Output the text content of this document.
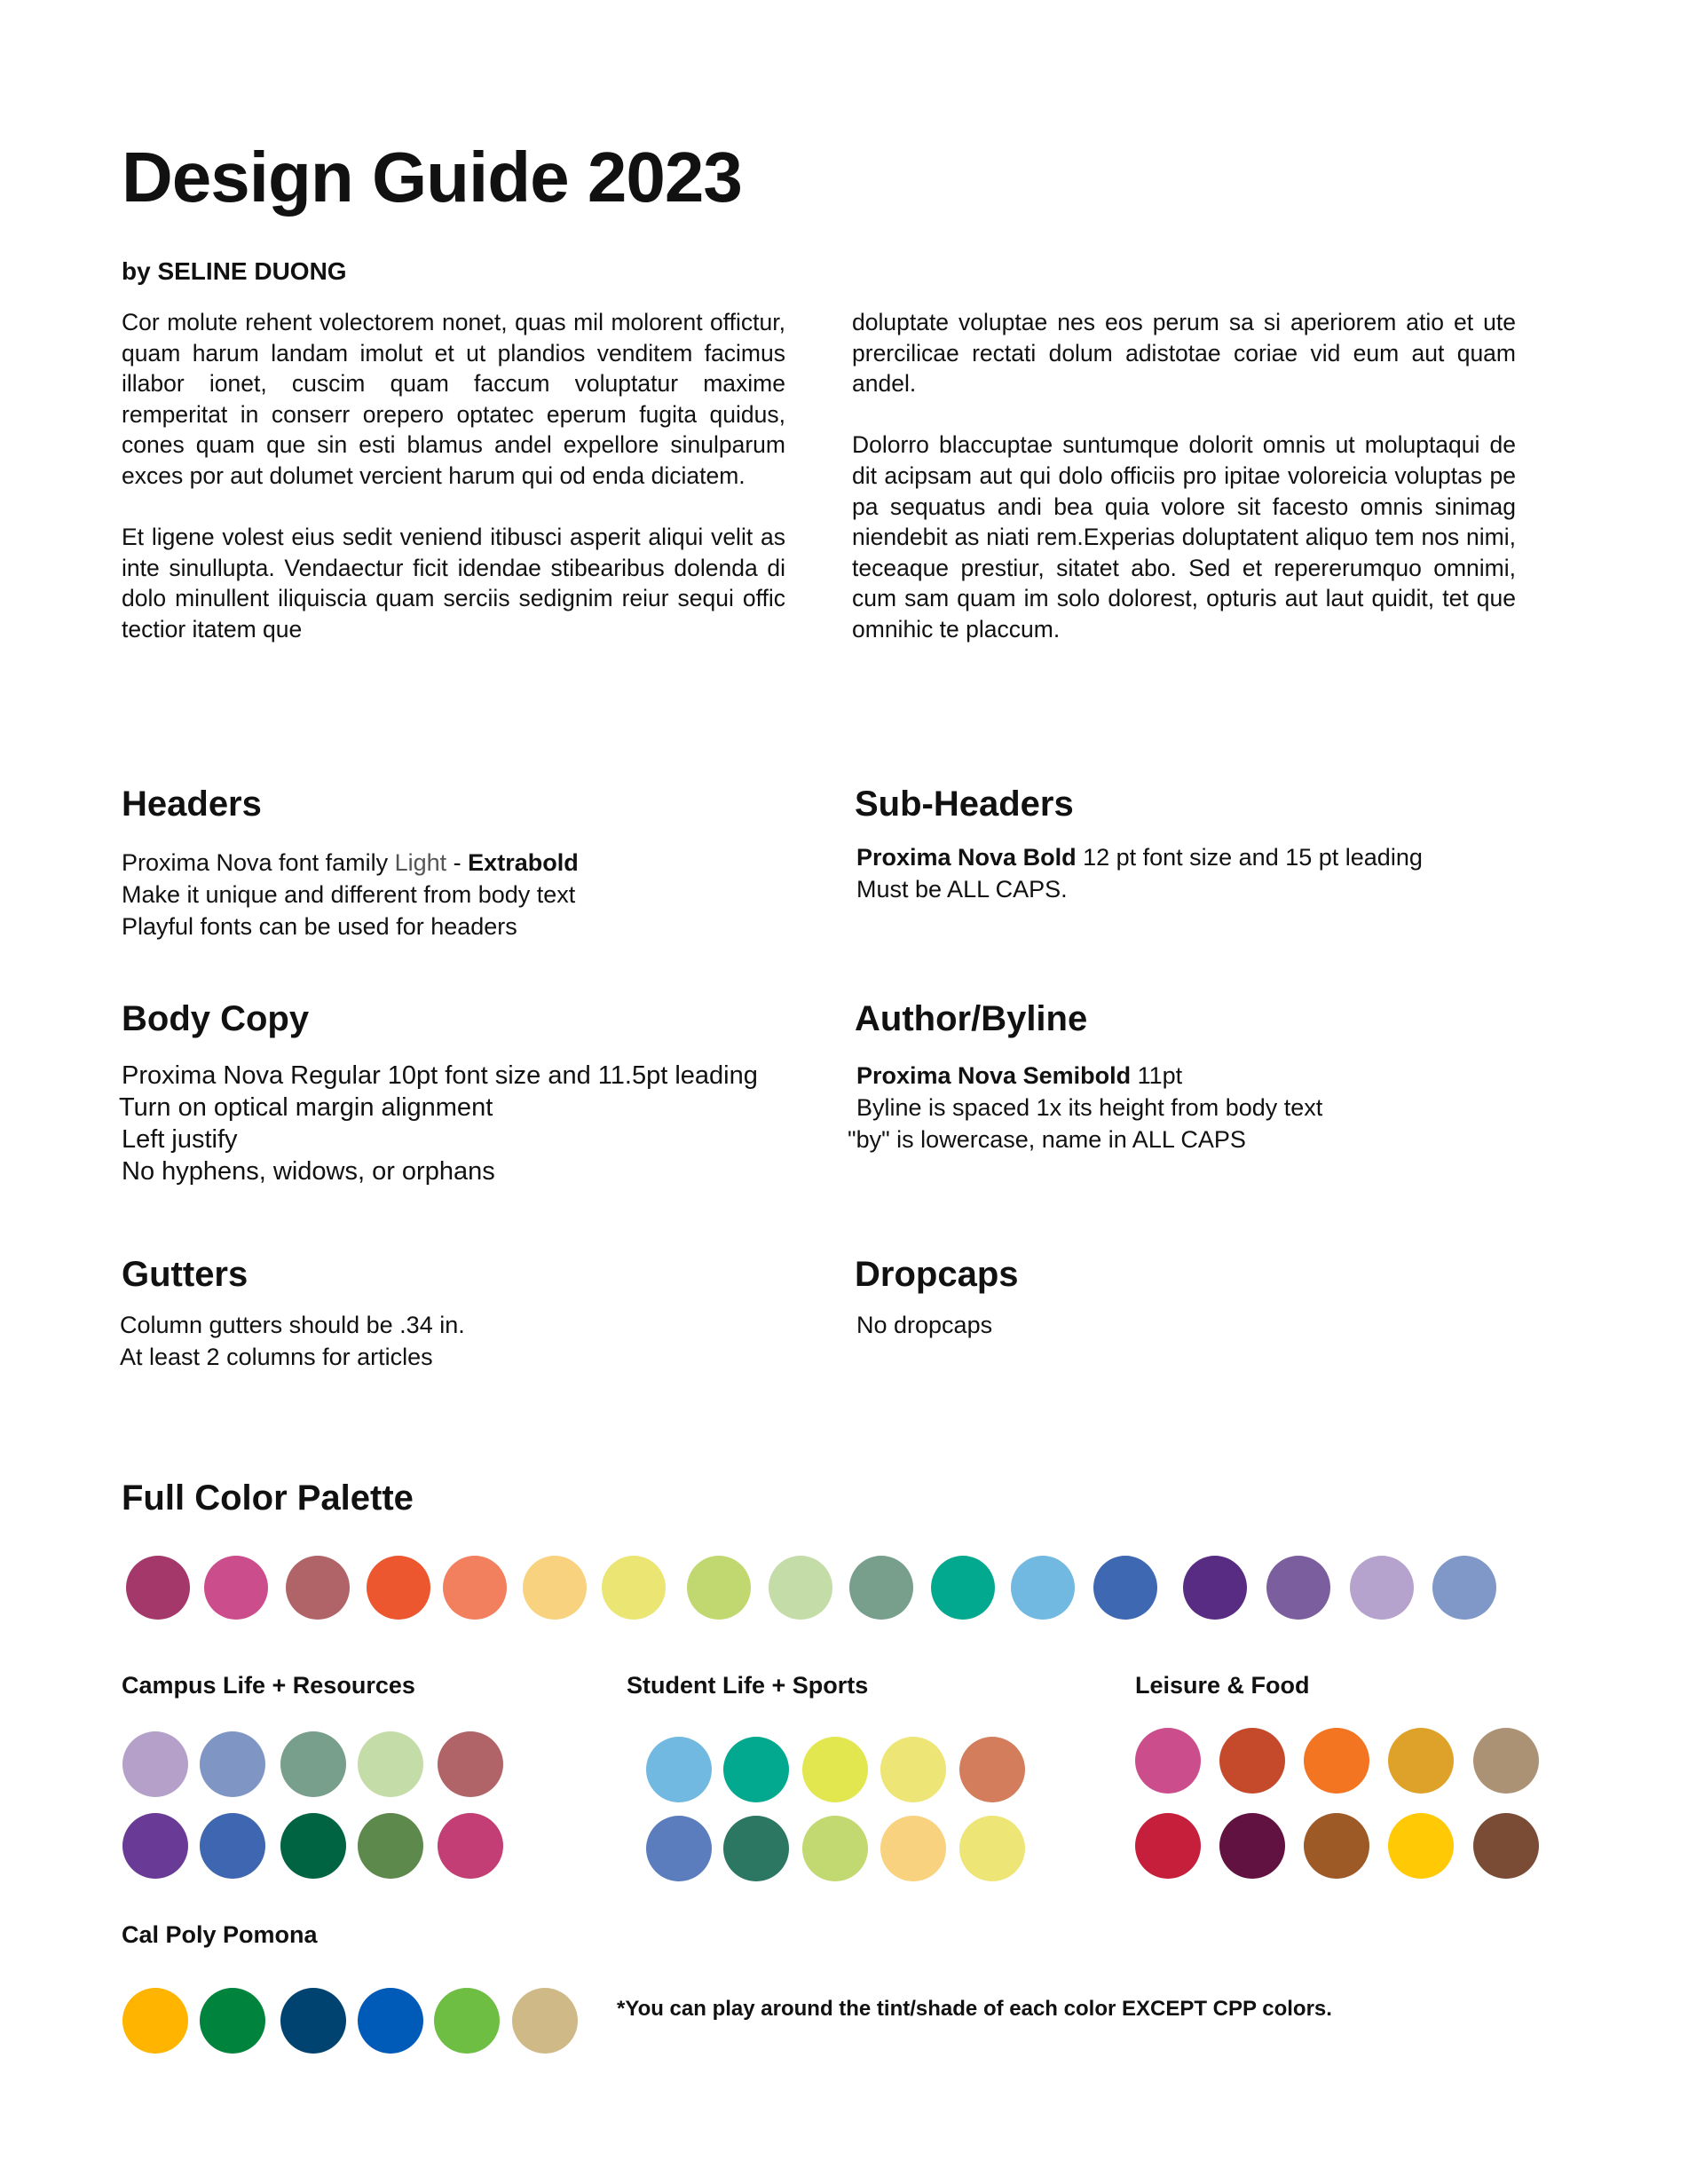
Design Guide 2023
by SELINE DUONG

Cor molute rehent volectorem nonet, quas mil molorent offictur, quam harum landam imolut et ut plandios venditem facimus illabor ionet, cuscim quam faccum voluptatur maxime remperitat in conserr orepero optatec eperum fugita quidus, cones quam que sin esti blamus andel expellore sinulparum exces por aut dolumet vercient harum qui od enda diciatem.

Et ligene volest eius sedit veniend itibusci asperit aliqui velit as inte sinullupta. Vendaectur ficit idendae stibearibus dolenda di dolo minullent iliquiscia quam serciis sedignim reiur sequi offic tectior itatem que

doluptate voluptae nes eos perum sa si aperiorem atio et ute prercilicae rectati dolum adistotae coriae vid eum aut quam andel.

Dolorro blaccuptae suntumque dolorit omnis ut moluptaqui de dit acipsam aut qui dolo officiis pro ipitae voloreicia voluptas pe pa sequatus andi bea quia volore sit facesto omnis sinimag niendebit as niati rem.Experias doluptatent aliquo tem nos nimi, teceaque prestiur, sitatet abo. Sed et repererumquo omnimi, cum sam quam im solo dolorest, opturis aut laut quidit, tet que omnihic te placcum.

Headers
Proxima Nova font family Light - Extrabold
Make it unique and different from body text
Playful fonts can be used for headers
Sub-Headers
Proxima Nova Bold 12 pt font size and 15 pt leading
Must be ALL CAPS.
Body Copy
Proxima Nova Regular 10pt font size and 11.5pt leading
Turn on optical margin alignment
Left justify
No hyphens, widows, or orphans
Author/Byline
Proxima Nova Semibold 11pt
Byline is spaced 1x its height from body text
"by" is lowercase, name in ALL CAPS
Gutters
Column gutters should be .34 in.
At least 2 columns for articles
Dropcaps
No dropcaps
Full Color Palette
Campus Life + Resources	Student Life + Sports	Leisure & Food
Cal Poly Pomona
*You can play around the tint/shade of each color EXCEPT CPP colors.
